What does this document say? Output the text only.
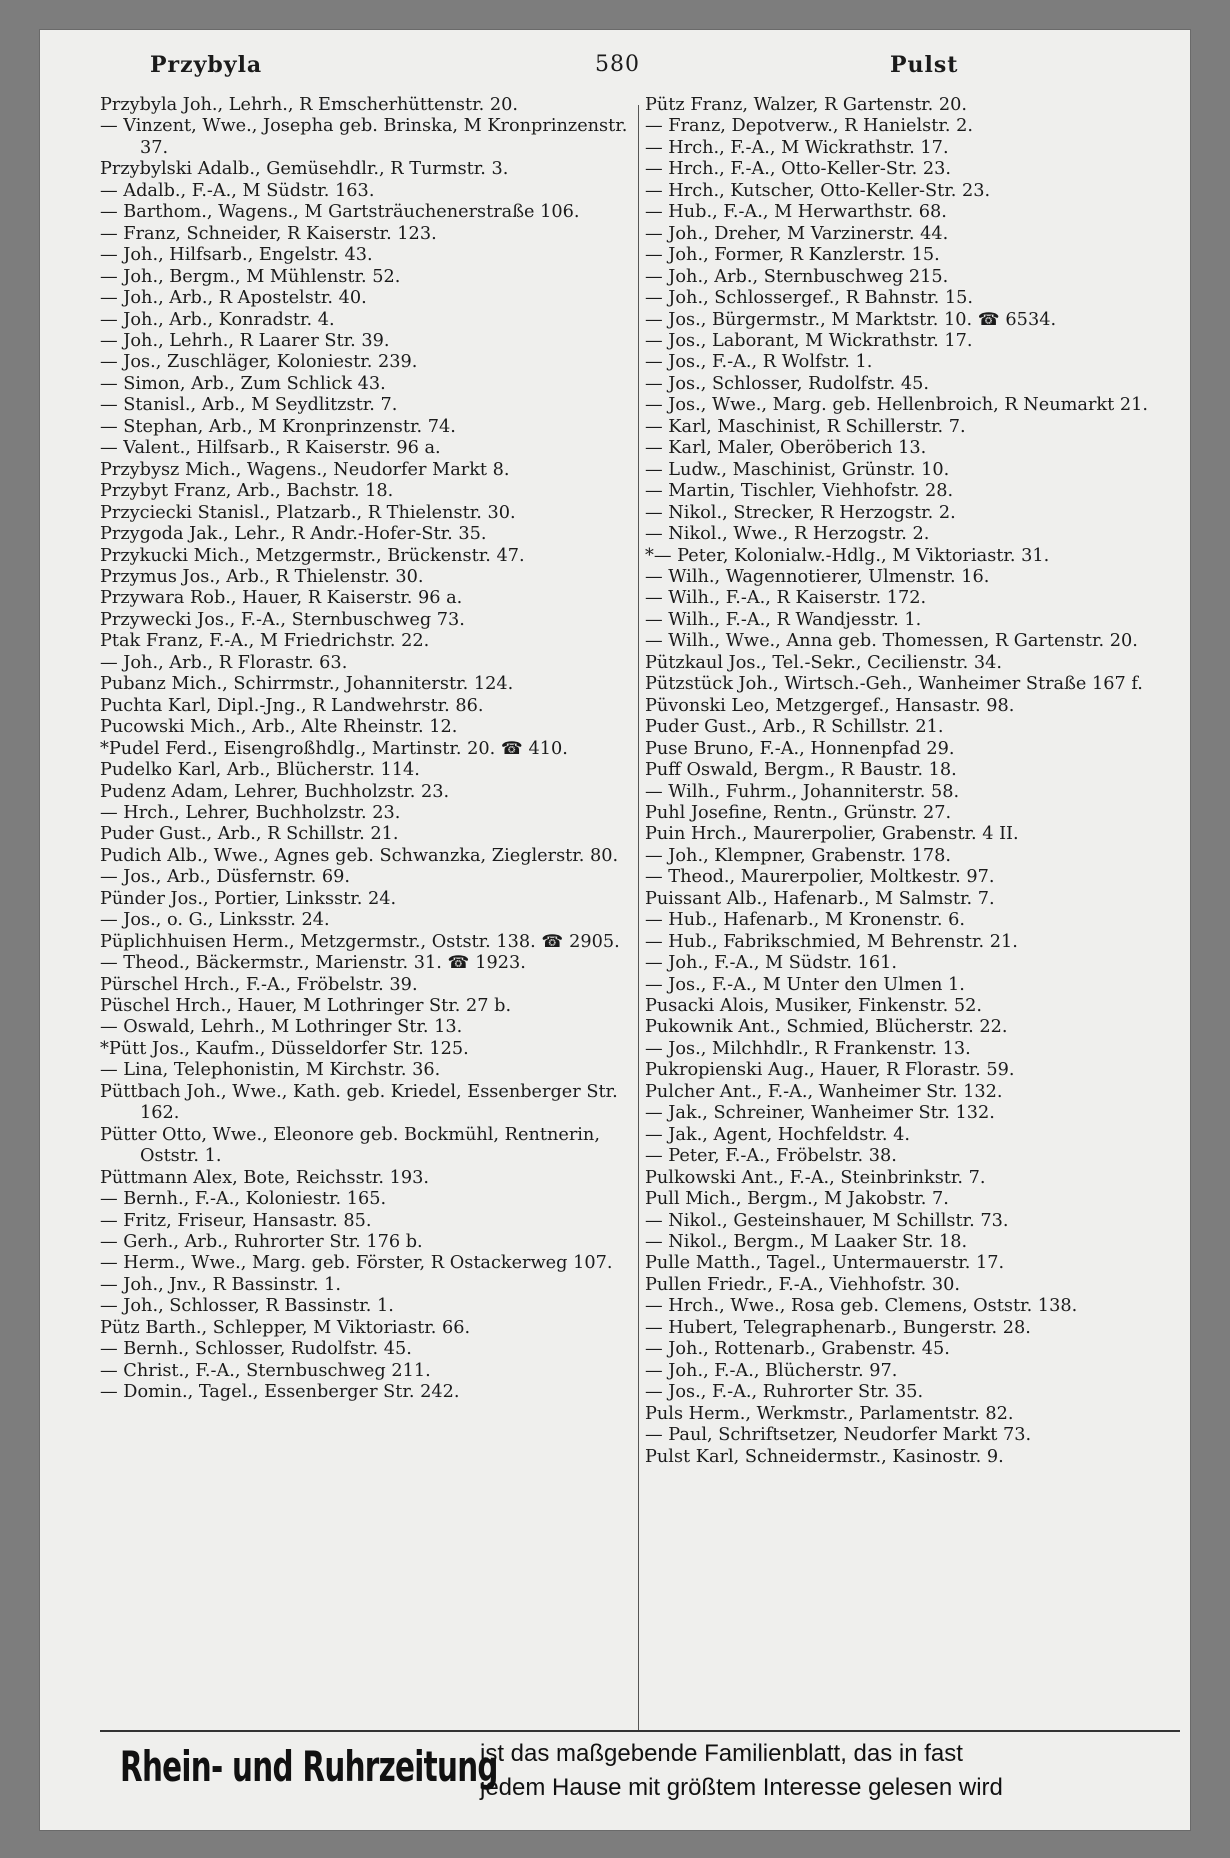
Przybyla	580	Pulst
Przybyla Joh., Lehrh., R Emscherhüttenstr. 20.
— Vinzent, Wwe., Josepha geb. Brinska, M Kronprinzenstr. 37.
Przybylski Adalb., Gemüsehdlr., R Turmstr. 3.
— Adalb., F.-A., M Südstr. 163.
— Barthom., Wagens., M Gartsträuchenerstraße 106.
— Franz, Schneider, R Kaiserstr. 123.
— Joh., Hilfsarb., Engelstr. 43.
— Joh., Bergm., M Mühlenstr. 52.
— Joh., Arb., R Apostelstr. 40.
— Joh., Arb., Konradstr. 4.
— Joh., Lehrh., R Laarer Str. 39.
— Jos., Zuschläger, Koloniestr. 239.
— Simon, Arb., Zum Schlick 43.
— Stanisl., Arb., M Seydlitzstr. 7.
— Stephan, Arb., M Kronprinzenstr. 74.
— Valent., Hilfsarb., R Kaiserstr. 96 a.
Przybysz Mich., Wagens., Neudorfer Markt 8.
Przybyt Franz, Arb., Bachstr. 18.
Przyciecki Stanisl., Platzarb., R Thielenstr. 30.
Przygoda Jak., Lehr., R Andr.-Hofer-Str. 35.
Przykucki Mich., Metzgermstr., Brückenstr. 47.
Przymus Jos., Arb., R Thielenstr. 30.
Przywara Rob., Hauer, R Kaiserstr. 96 a.
Przywecki Jos., F.-A., Sternbuschweg 73.
Ptak Franz, F.-A., M Friedrichstr. 22.
— Joh., Arb., R Florastr. 63.
Pubanz Mich., Schirrmstr., Johanniterstr. 124.
Puchta Karl, Dipl.-Jng., R Landwehrstr. 86.
Pucowski Mich., Arb., Alte Rheinstr. 12.
*Pudel Ferd., Eisengroßhdlg., Martinstr. 20. ☎ 410.
Pudelko Karl, Arb., Blücherstr. 114.
Pudenz Adam, Lehrer, Buchholzstr. 23.
— Hrch., Lehrer, Buchholzstr. 23.
Puder Gust., Arb., R Schillstr. 21.
Pudich Alb., Wwe., Agnes geb. Schwanzka, Zieglerstr. 80.
— Jos., Arb., Düsfernstr. 69.
Pünder Jos., Portier, Linksstr. 24.
— Jos., o. G., Linksstr. 24.
Püplichhuisen Herm., Metzgermstr., Oststr. 138. ☎ 2905.
— Theod., Bäckermstr., Marienstr. 31. ☎ 1923.
Pürschel Hrch., F.-A., Fröbelstr. 39.
Püschel Hrch., Hauer, M Lothringer Str. 27 b.
— Oswald, Lehrh., M Lothringer Str. 13.
*Pütt Jos., Kaufm., Düsseldorfer Str. 125.
— Lina, Telephonistin, M Kirchstr. 36.
Püttbach Joh., Wwe., Kath. geb. Kriedel, Essenberger Str. 162.
Pütter Otto, Wwe., Eleonore geb. Bockmühl, Rentnerin, Oststr. 1.
Püttmann Alex, Bote, Reichsstr. 193.
— Bernh., F.-A., Koloniestr. 165.
— Fritz, Friseur, Hansastr. 85.
— Gerh., Arb., Ruhrorter Str. 176 b.
— Herm., Wwe., Marg. geb. Förster, R Ostackerweg 107.
— Joh., Jnv., R Bassinstr. 1.
— Joh., Schlosser, R Bassinstr. 1.
Pütz Barth., Schlepper, M Viktoriastr. 66.
— Bernh., Schlosser, Rudolfstr. 45.
— Christ., F.-A., Sternbuschweg 211.
— Domin., Tagel., Essenberger Str. 242.
Pütz Franz, Walzer, R Gartenstr. 20.
— Franz, Depotverw., R Hanielstr. 2.
— Hrch., F.-A., M Wickrathstr. 17.
— Hrch., F.-A., Otto-Keller-Str. 23.
— Hrch., Kutscher, Otto-Keller-Str. 23.
— Hub., F.-A., M Herwarthstr. 68.
— Joh., Dreher, M Varzinerstr. 44.
— Joh., Former, R Kanzlerstr. 15.
— Joh., Arb., Sternbuschweg 215.
— Joh., Schlossergef., R Bahnstr. 15.
— Jos., Bürgermstr., M Marktstr. 10. ☎ 6534.
— Jos., Laborant, M Wickrathstr. 17.
— Jos., F.-A., R Wolfstr. 1.
— Jos., Schlosser, Rudolfstr. 45.
— Jos., Wwe., Marg. geb. Hellenbroich, R Neumarkt 21.
— Karl, Maschinist, R Schillerstr. 7.
— Karl, Maler, Oberöberich 13.
— Ludw., Maschinist, Grünstr. 10.
— Martin, Tischler, Viehhofstr. 28.
— Nikol., Strecker, R Herzogstr. 2.
— Nikol., Wwe., R Herzogstr. 2.
*— Peter, Kolonialw.-Hdlg., M Viktoriastr. 31.
— Wilh., Wagennotierer, Ulmenstr. 16.
— Wilh., F.-A., R Kaiserstr. 172.
— Wilh., F.-A., R Wandjesstr. 1.
— Wilh., Wwe., Anna geb. Thomessen, R Gartenstr. 20.
Pützkaul Jos., Tel.-Sekr., Cecilienstr. 34.
Pützstück Joh., Wirtsch.-Geh., Wanheimer Straße 167 f.
Püvonski Leo, Metzgergef., Hansastr. 98.
Puder Gust., Arb., R Schillstr. 21.
Puse Bruno, F.-A., Honnenpfad 29.
Puff Oswald, Bergm., R Baustr. 18.
— Wilh., Fuhrm., Johanniterstr. 58.
Puhl Josefine, Rentn., Grünstr. 27.
Puin Hrch., Maurerpolier, Grabenstr. 4 II.
— Joh., Klempner, Grabenstr. 178.
— Theod., Maurerpolier, Moltkestr. 97.
Puissant Alb., Hafenarb., M Salmstr. 7.
— Hub., Hafenarb., M Kronenstr. 6.
— Hub., Fabrikschmied, M Behrenstr. 21.
— Joh., F.-A., M Südstr. 161.
— Jos., F.-A., M Unter den Ulmen 1.
Pusacki Alois, Musiker, Finkenstr. 52.
Pukownik Ant., Schmied, Blücherstr. 22.
— Jos., Milchhdlr., R Frankenstr. 13.
Pukropienski Aug., Hauer, R Florastr. 59.
Pulcher Ant., F.-A., Wanheimer Str. 132.
— Jak., Schreiner, Wanheimer Str. 132.
— Jak., Agent, Hochfeldstr. 4.
— Peter, F.-A., Fröbelstr. 38.
Pulkowski Ant., F.-A., Steinbrinkstr. 7.
Pull Mich., Bergm., M Jakobstr. 7.
— Nikol., Gesteinshauer, M Schillstr. 73.
— Nikol., Bergm., M Laaker Str. 18.
Pulle Matth., Tagel., Untermauerstr. 17.
Pullen Friedr., F.-A., Viehhofstr. 30.
— Hrch., Wwe., Rosa geb. Clemens, Oststr. 138.
— Hubert, Telegraphenarb., Bungerstr. 28.
— Joh., Rottenarb., Grabenstr. 45.
— Joh., F.-A., Blücherstr. 97.
— Jos., F.-A., Ruhrorter Str. 35.
Puls Herm., Werkmstr., Parlamentstr. 82.
— Paul, Schriftsetzer, Neudorfer Markt 73.
Pulst Karl, Schneidermstr., Kasinostr. 9.
Rhein- und Ruhrzeitung
ist das maßgebende Familienblatt, das in fast
jedem Hause mit größtem Interesse gelesen wird
